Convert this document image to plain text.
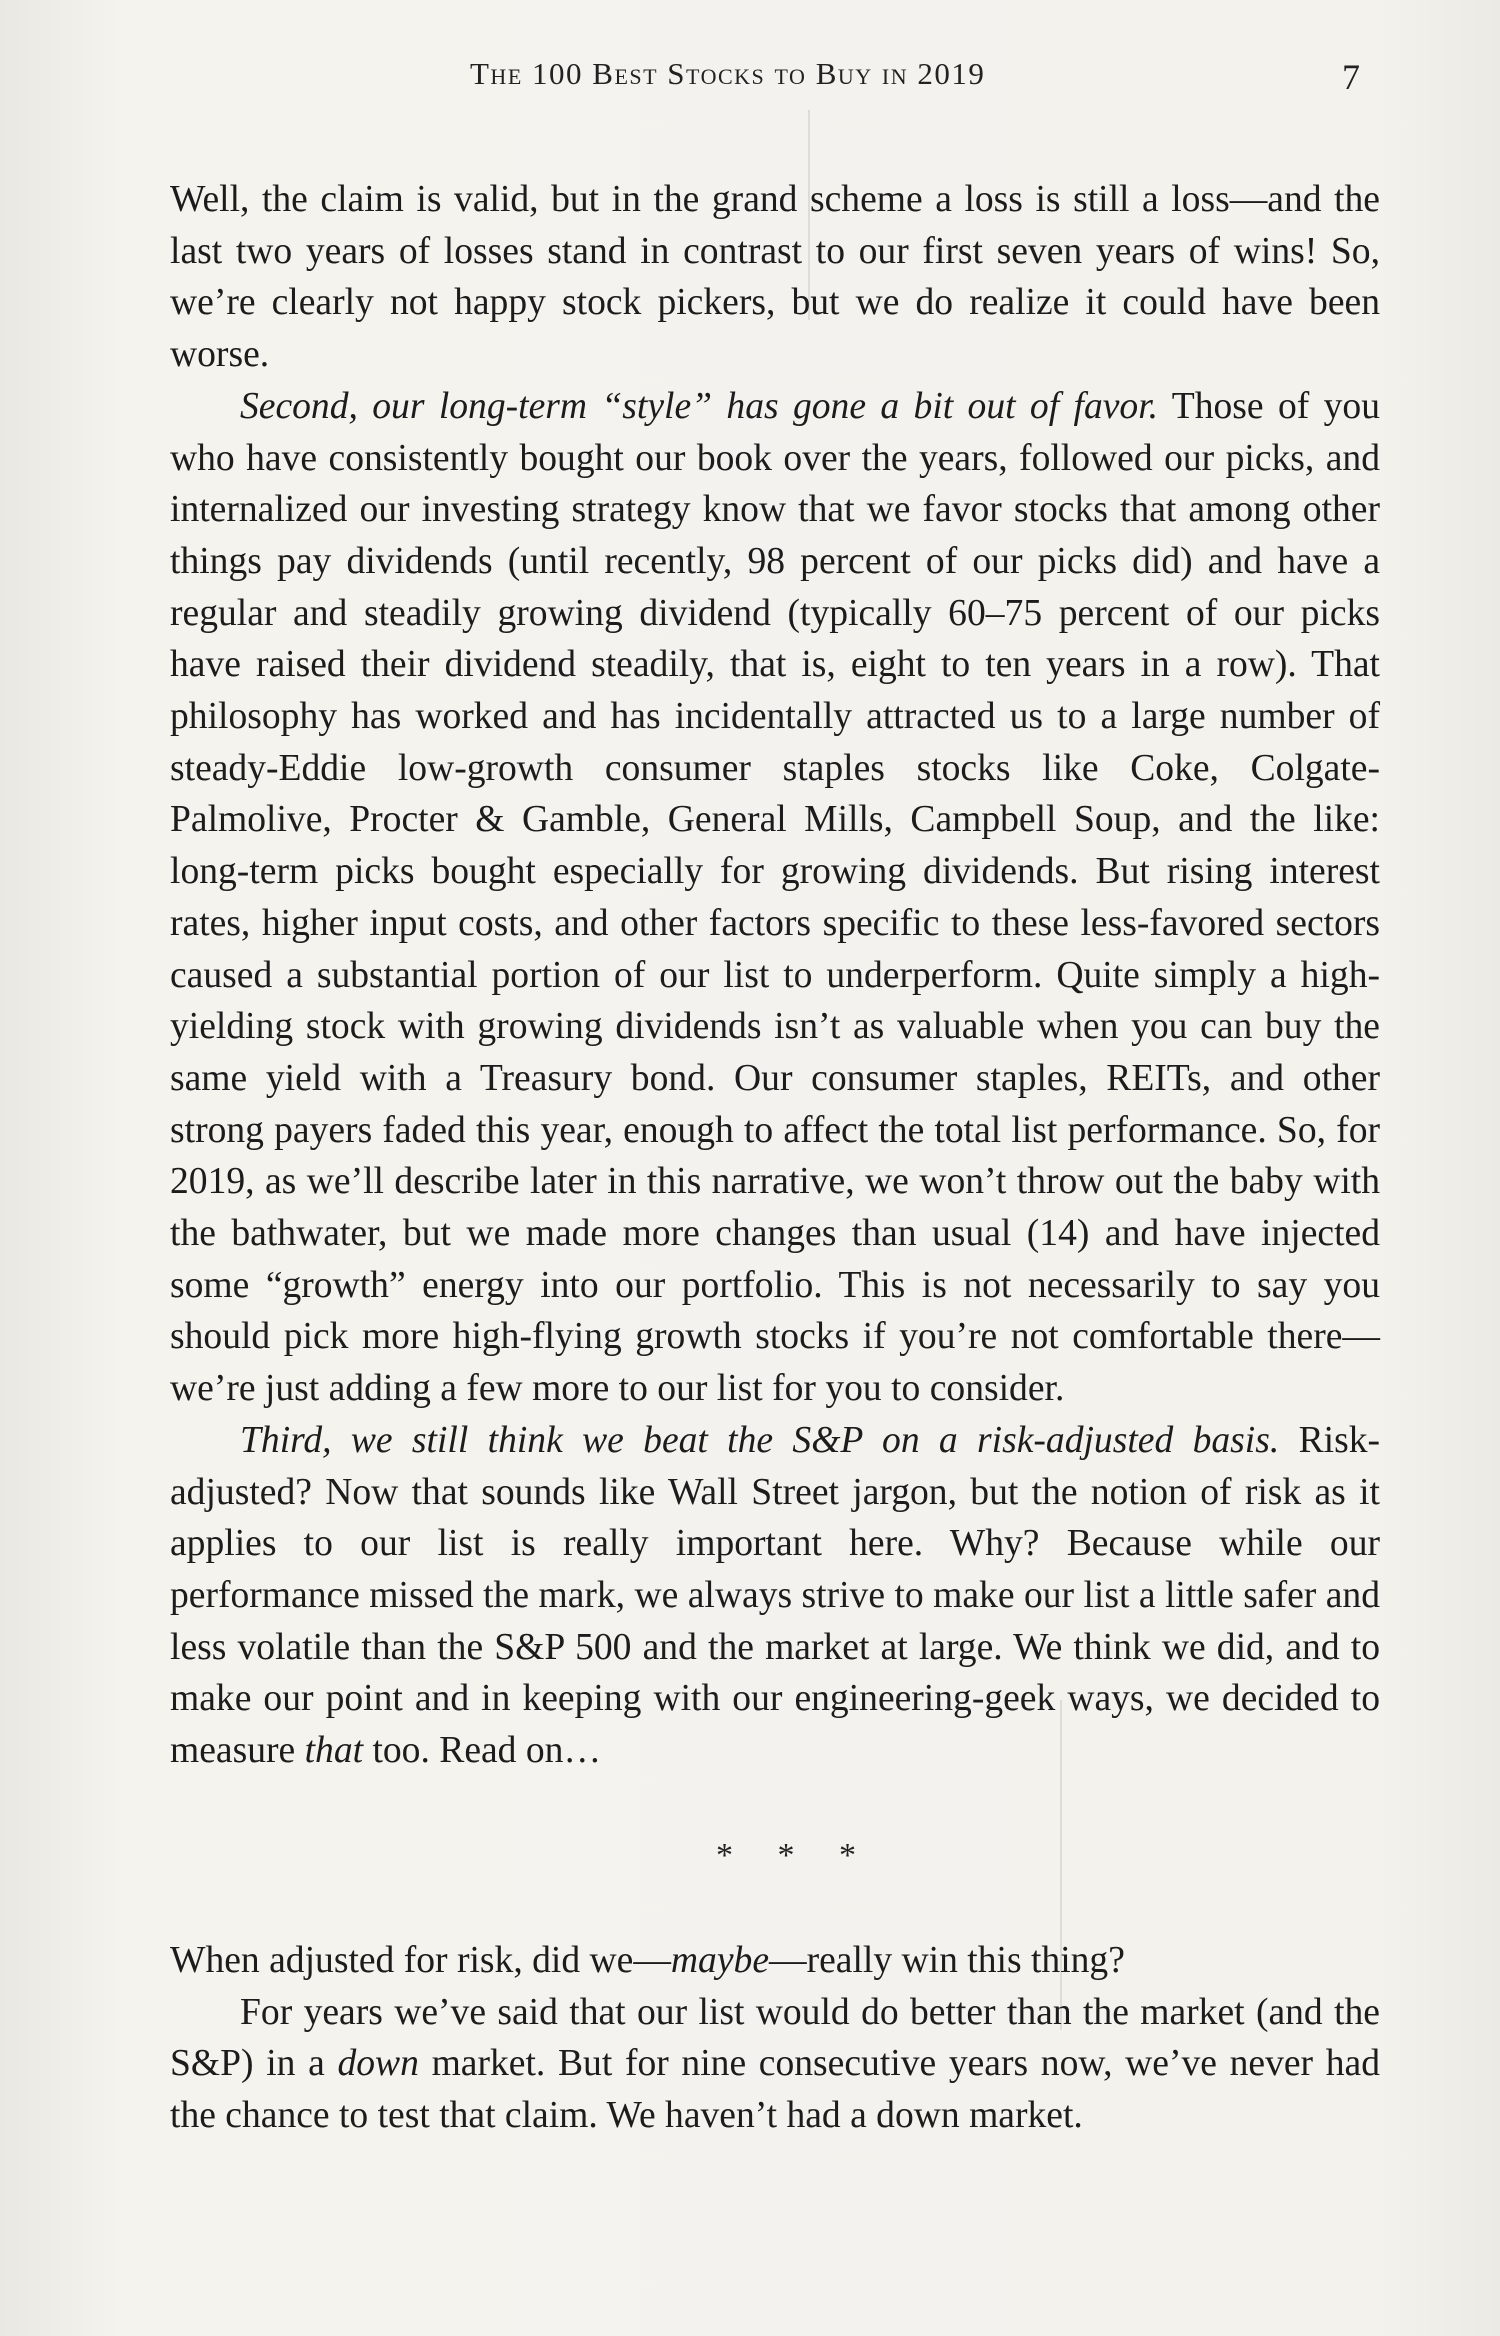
The 100 Best Stocks to Buy in 2019	7

Well, the claim is valid, but in the grand scheme a loss is still a loss—and the last two years of losses stand in contrast to our first seven years of wins! So, we’re clearly not happy stock pickers, but we do realize it could have been worse.

Second, our long-term “style” has gone a bit out of favor. Those of you who have consistently bought our book over the years, followed our picks, and internalized our investing strategy know that we favor stocks that among other things pay dividends (until recently, 98 percent of our picks did) and have a regular and steadily growing dividend (typically 60–75 percent of our picks have raised their dividend steadily, that is, eight to ten years in a row). That philosophy has worked and has incidentally attracted us to a large number of steady-Eddie low-growth consumer staples stocks like Coke, Colgate-Palmolive, Procter & Gamble, General Mills, Campbell Soup, and the like: long-term picks bought especially for growing dividends. But rising interest rates, higher input costs, and other factors specific to these less-favored sectors caused a substantial portion of our list to underperform. Quite simply a high-yielding stock with growing dividends isn’t as valuable when you can buy the same yield with a Treasury bond. Our consumer staples, REITs, and other strong payers faded this year, enough to affect the total list performance. So, for 2019, as we’ll describe later in this narrative, we won’t throw out the baby with the bathwater, but we made more changes than usual (14) and have injected some “growth” energy into our portfolio. This is not necessarily to say you should pick more high-flying growth stocks if you’re not comfortable there—we’re just adding a few more to our list for you to consider.

Third, we still think we beat the S&P on a risk-adjusted basis. Risk-adjusted? Now that sounds like Wall Street jargon, but the notion of risk as it applies to our list is really important here. Why? Because while our performance missed the mark, we always strive to make our list a little safer and less volatile than the S&P 500 and the market at large. We think we did, and to make our point and in keeping with our engineering-geek ways, we decided to measure that too. Read on…

* * *

When adjusted for risk, did we—maybe—really win this thing?

For years we’ve said that our list would do better than the market (and the S&P) in a down market. But for nine consecutive years now, we’ve never had the chance to test that claim. We haven’t had a down market.
